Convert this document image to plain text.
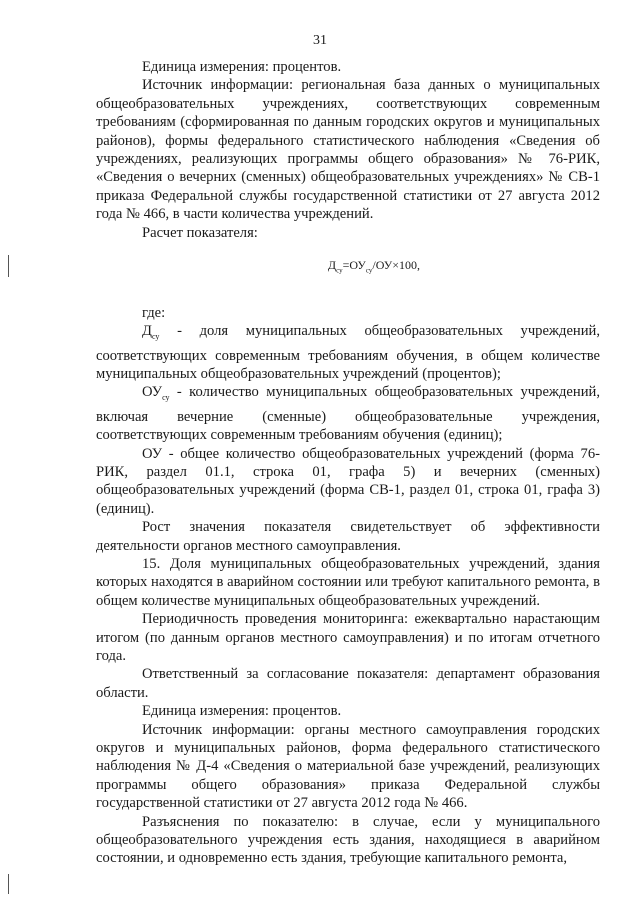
31

Единица измерения: процентов.

Источник информации: региональная база данных о муниципальных общеобразовательных учреждениях, соответствующих современным требованиям (сформированная по данным городских округов и муниципальных районов), формы федерального статистического наблюдения «Сведения об учреждениях, реализующих программы общего образования» № 76-РИК, «Сведения о вечерних (сменных) общеобразовательных учреждениях» № СВ-1 приказа Федеральной службы государственной статистики от 27 августа 2012 года № 466, в части количества учреждений.

Расчет показателя:

$Д_{су}=ОУ_{су}/ОУ\times 100$,

где:

$Д_{су}$ - доля муниципальных общеобразовательных учреждений, соответствующих современным требованиям обучения, в общем количестве муниципальных общеобразовательных учреждений (процентов);

$ОУ_{су}$ - количество муниципальных общеобразовательных учреждений, включая вечерние (сменные) общеобразовательные учреждения, соответствующих современным требованиям обучения (единиц);

ОУ - общее количество общеобразовательных учреждений (форма 76-РИК, раздел 01.1, строка 01, графа 5) и вечерних (сменных) общеобразовательных учреждений (форма СВ-1, раздел 01, строка 01, графа 3) (единиц).

Рост значения показателя свидетельствует об эффективности деятельности органов местного самоуправления.

15. Доля муниципальных общеобразовательных учреждений, здания которых находятся в аварийном состоянии или требуют капитального ремонта, в общем количестве муниципальных общеобразовательных учреждений.

Периодичность проведения мониторинга: ежеквартально нарастающим итогом (по данным органов местного самоуправления) и по итогам отчетного года.

Ответственный за согласование показателя: департамент образования области.

Единица измерения: процентов.

Источник информации: органы местного самоуправления городских округов и муниципальных районов, форма федерального статистического наблюдения № Д-4 «Сведения о материальной базе учреждений, реализующих программы общего образования» приказа Федеральной службы государственной статистики от 27 августа 2012 года № 466.

Разъяснения по показателю: в случае, если у муниципального общеобразовательного учреждения есть здания, находящиеся в аварийном состоянии, и одновременно есть здания, требующие капитального ремонта,
